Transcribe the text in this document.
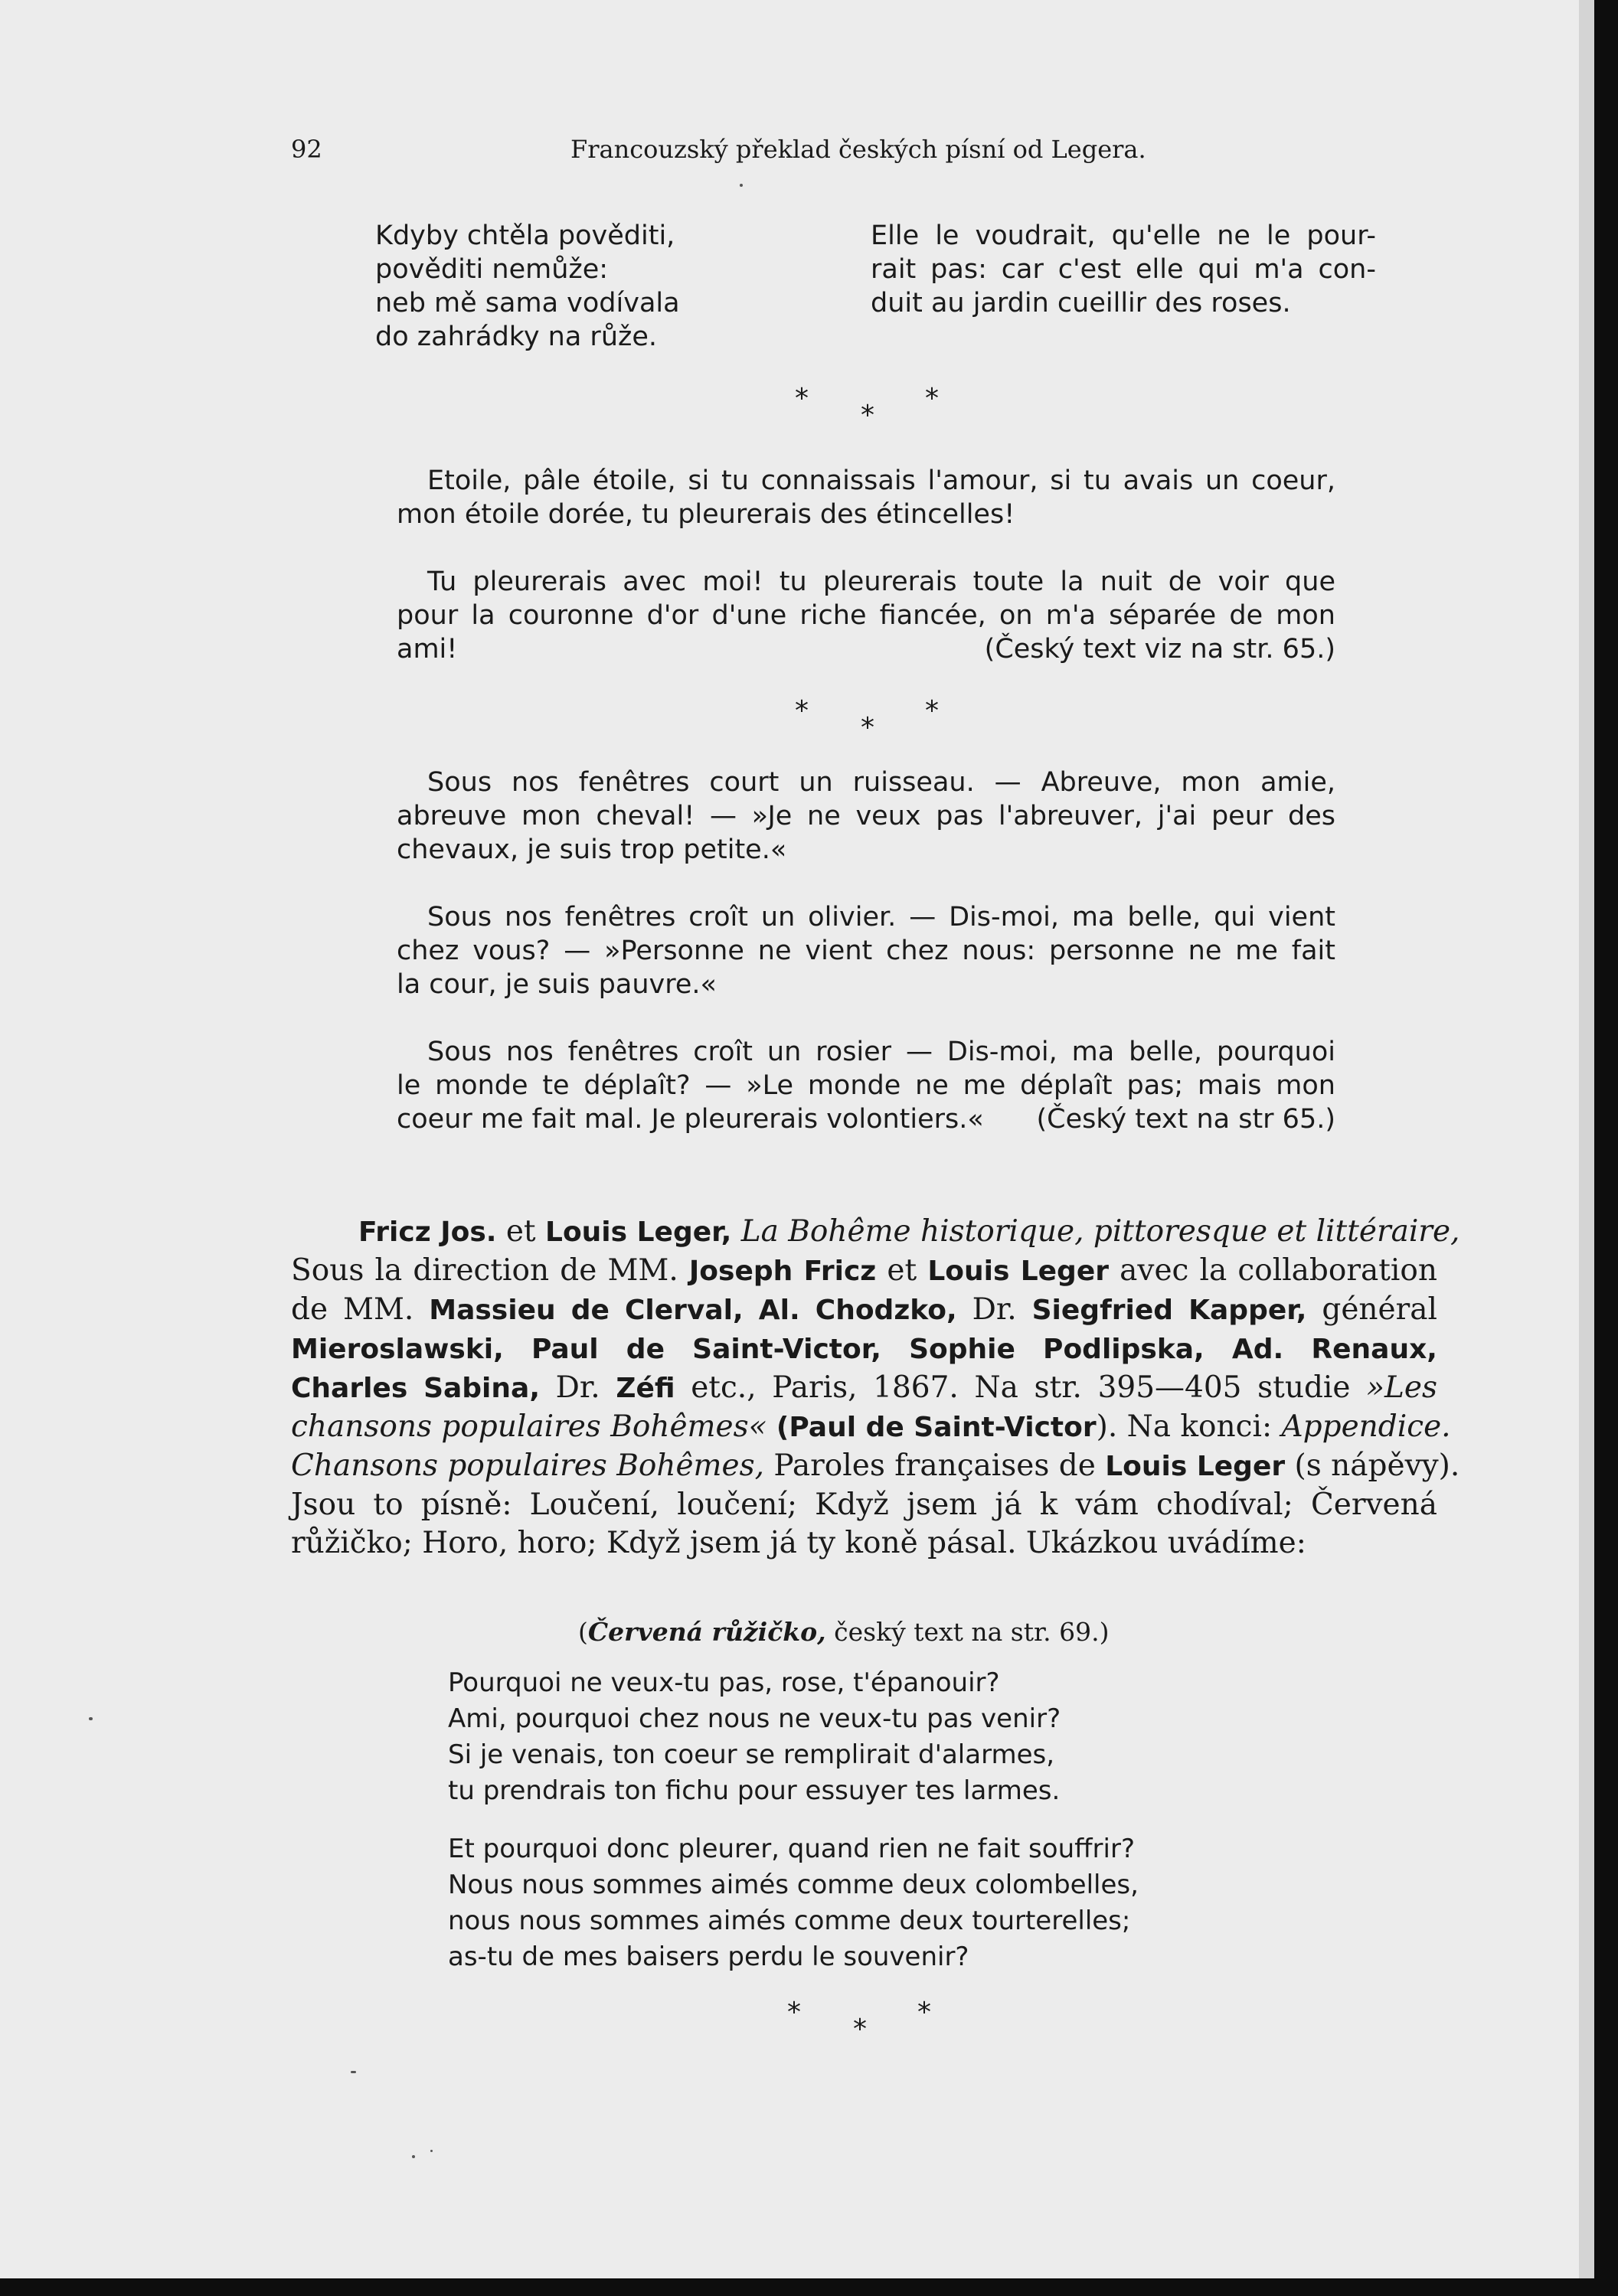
92	Francouzský překlad českých písní od Legera.
Kdyby chtěla pověditi,
pověditi nemůže:
neb mě sama vodívala
do zahrádky na růže.
Elle le voudrait, qu'elle ne le pour-
rait pas: car c'est elle qui m'a con-
duit au jardin cueillir des roses.
*
*
*
Etoile, pâle étoile, si tu connaissais l'amour, si tu avais un coeur,
mon étoile dorée, tu pleurerais des étincelles!
Tu pleurerais avec moi! tu pleurerais toute la nuit de voir que
pour la couronne d'or d'une riche fiancée, on m'a séparée de mon
ami!	(Český text viz na str. 65.)
*
*
*
Sous nos fenêtres court un ruisseau. — Abreuve, mon amie,
abreuve mon cheval! — »Je ne veux pas l'abreuver, j'ai peur des
chevaux, je suis trop petite.«
Sous nos fenêtres croît un olivier. — Dis-moi, ma belle, qui vient
chez vous? — »Personne ne vient chez nous: personne ne me fait
la cour, je suis pauvre.«
Sous nos fenêtres croît un rosier — Dis-moi, ma belle, pourquoi
le monde te déplaît? — »Le monde ne me déplaît pas; mais mon
coeur me fait mal. Je pleurerais volontiers.« (Český text na str 65.)
Fricz Jos. et Louis Leger, La Bohême historique, pittoresque et littéraire,
Sous la direction de MM. Joseph Fricz et Louis Leger avec la collaboration
de MM. Massieu de Clerval, Al. Chodzko, Dr. Siegfried Kapper, général
Mieroslawski, Paul de Saint-Victor, Sophie Podlipska, Ad. Renaux,
Charles Sabina, Dr. Zéfi etc., Paris, 1867. Na str. 395—405 studie »Les
chansons populaires Bohêmes« (Paul de Saint-Victor). Na konci: Appendice.
Chansons populaires Bohêmes, Paroles françaises de Louis Leger (s nápěvy).
Jsou to písně: Loučení, loučení; Když jsem já k vám chodíval; Červená
růžičko; Horo, horo; Když jsem já ty koně pásal. Ukázkou uvádíme:
(Červená růžičko, český text na str. 69.)
Pourquoi ne veux-tu pas, rose, t'épanouir?
Ami, pourquoi chez nous ne veux-tu pas venir?
Si je venais, ton coeur se remplirait d'alarmes,
tu prendrais ton fichu pour essuyer tes larmes.
Et pourquoi donc pleurer, quand rien ne fait souffrir?
Nous nous sommes aimés comme deux colombelles,
nous nous sommes aimés comme deux tourterelles;
as-tu de mes baisers perdu le souvenir?
*
*
*
